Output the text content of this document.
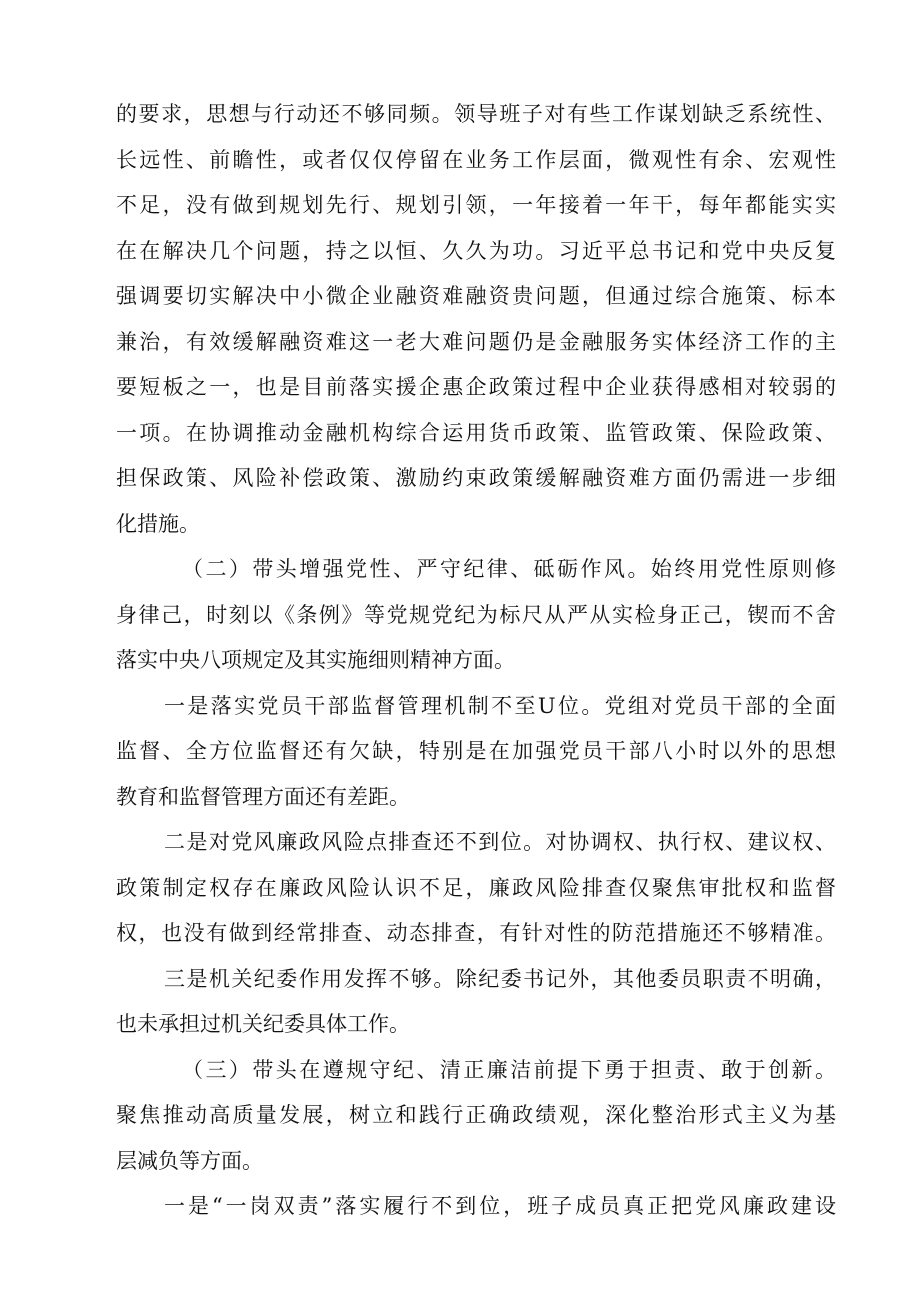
的要求，思想与行动还不够同频。领导班子对有些工作谋划缺乏系统性、
长远性、前瞻性，或者仅仅停留在业务工作层面，微观性有余、宏观性
不足，没有做到规划先行、规划引领，一年接着一年干，每年都能实实
在在解决几个问题，持之以恒、久久为功。习近平总书记和党中央反复
强调要切实解决中小微企业融资难融资贵问题，但通过综合施策、标本
兼治，有效缓解融资难这一老大难问题仍是金融服务实体经济工作的主
要短板之一，也是目前落实援企惠企政策过程中企业获得感相对较弱的
一项。在协调推动金融机构综合运用货币政策、监管政策、保险政策、
担保政策、风险补偿政策、激励约束政策缓解融资难方面仍需进一步细
化措施。
（二）带头增强党性、严守纪律、砥砺作风。始终用党性原则修
身律己，时刻以《条例》等党规党纪为标尺从严从实检身正己，锲而不舍
落实中央八项规定及其实施细则精神方面。
一是落实党员干部监督管理机制不至U位。党组对党员干部的全面
监督、全方位监督还有欠缺，特别是在加强党员干部八小时以外的思想
教育和监督管理方面还有差距。
二是对党风廉政风险点排查还不到位。对协调权、执行权、建议权、
政策制定权存在廉政风险认识不足，廉政风险排查仅聚焦审批权和监督
权，也没有做到经常排查、动态排查，有针对性的防范措施还不够精准。
三是机关纪委作用发挥不够。除纪委书记外，其他委员职责不明确，
也未承担过机关纪委具体工作。
（三）带头在遵规守纪、清正廉洁前提下勇于担责、敢于创新。
聚焦推动高质量发展，树立和践行正确政绩观，深化整治形式主义为基
层减负等方面。
一是“一岗双责”落实履行不到位，班子成员真正把党风廉政建设
